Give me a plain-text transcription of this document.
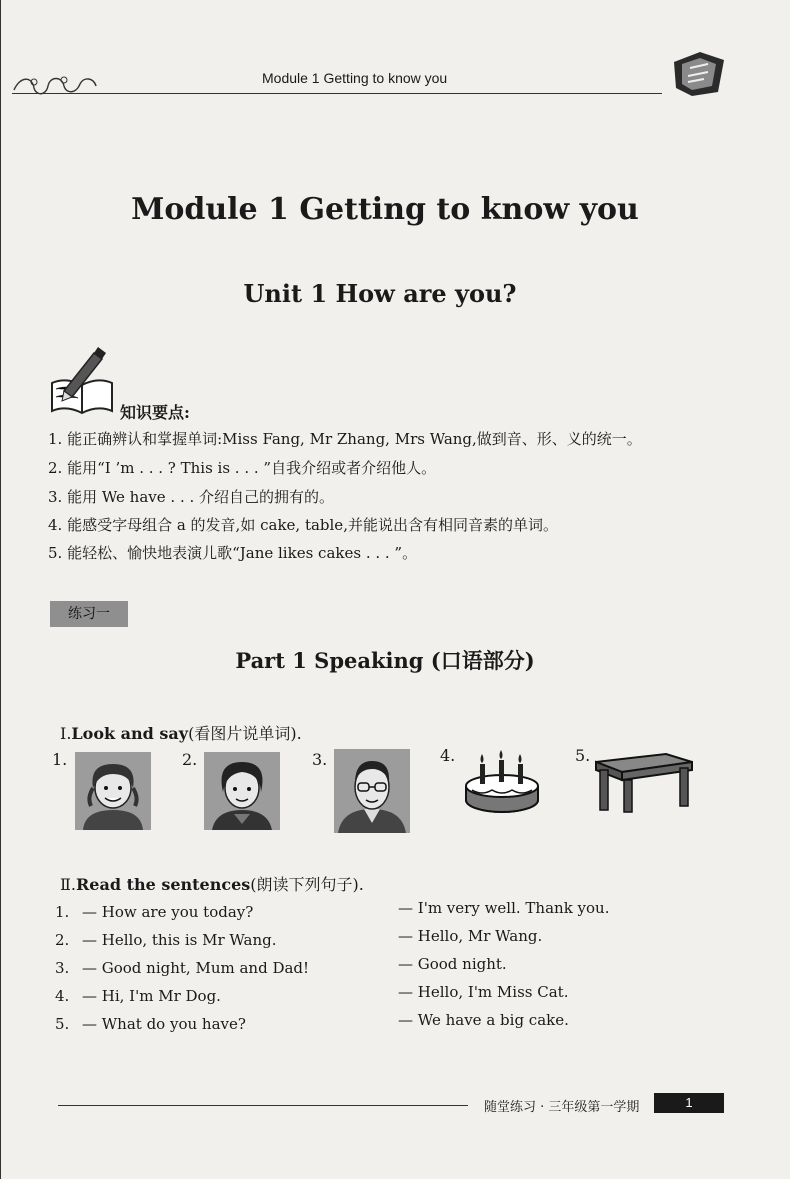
Module 1 Getting to know you
Module 1 Getting to know you
Unit 1 How are you?
知识要点:
1. 能正确辨认和掌握单词:Miss Fang, Mr Zhang, Mrs Wang,做到音、形、义的统一。
2. 能用“I ’m . . . ? This is . . . ”自我介绍或者介绍他人。
3. 能用 We have . . . 介绍自己的拥有的。
4. 能感受字母组合 a 的发音,如 cake, table,并能说出含有相同音素的单词。
5. 能轻松、愉快地表演儿歌“Jane likes cakes . . . ”。
练习一
Part 1 Speaking (口语部分)
Ⅰ.Look and say(看图片说单词).
1.	2.	3.	4.	5.
Ⅱ.Read the sentences(朗读下列句子).
1. — How are you today?	— I'm very well. Thank you.
2. — Hello, this is Mr Wang.	— Hello, Mr Wang.
3. — Good night, Mum and Dad!	— Good night.
4. — Hi, I'm Mr Dog.	— Hello, I'm Miss Cat.
5. — What do you have?	— We have a big cake.
随堂练习 · 三年级第一学期	1
